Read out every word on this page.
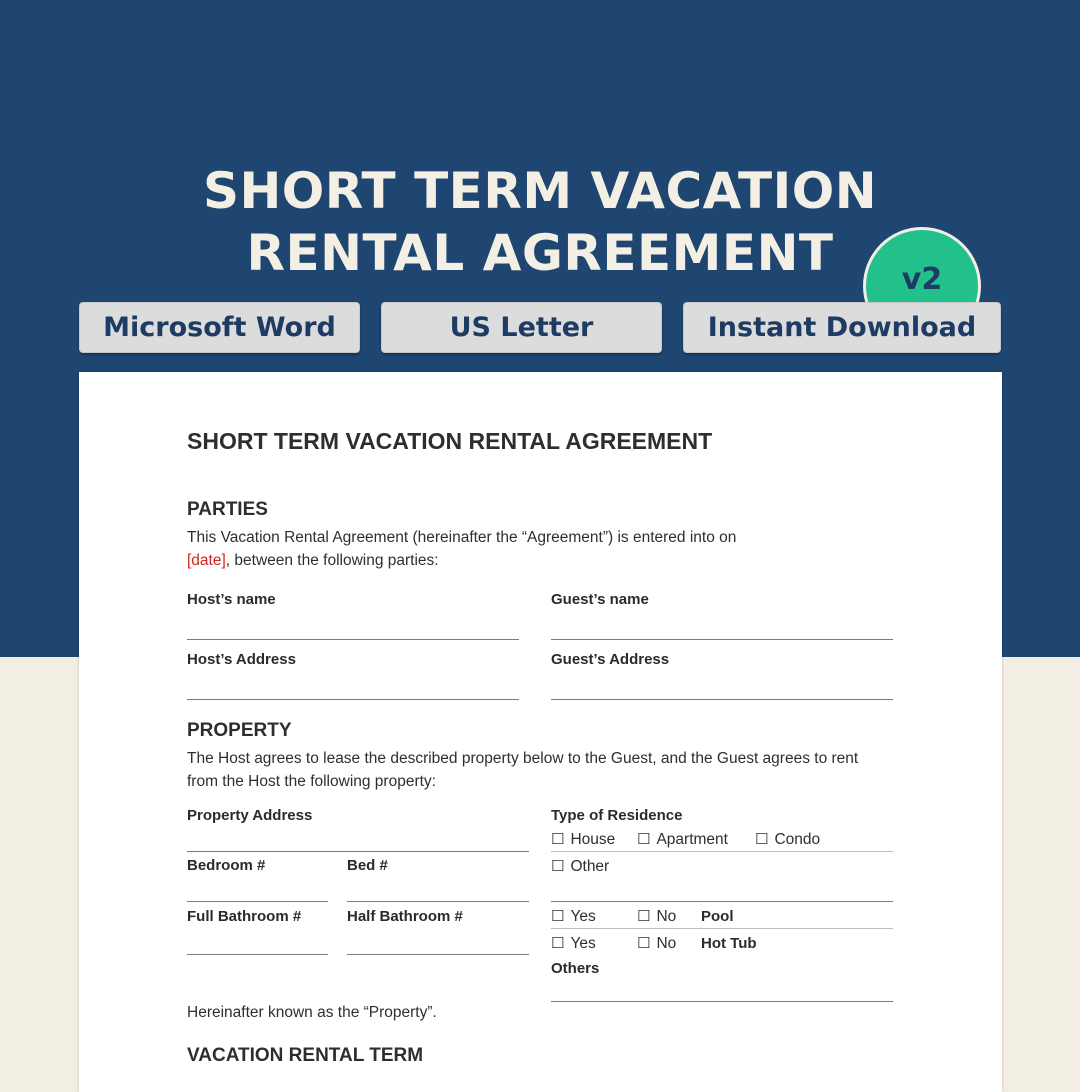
SHORT TERM VACATION
RENTAL AGREEMENT	v2
Microsoft Word	US Letter	Instant Download
SHORT TERM VACATION RENTAL AGREEMENT
PARTIES
This Vacation Rental Agreement (hereinafter the “Agreement”) is entered into on
[date], between the following parties:
Host’s name	Guest’s name
Host’s Address	Guest’s Address
PROPERTY
The Host agrees to lease the described property below to the Guest, and the Guest agrees to rent from the Host the following property:
Property Address
Bedroom #	Bed #
Full Bathroom #	Half Bathroom #
Type of Residence
☐ House ☐ Apartment ☐ Condo
☐ Other
☐ Yes	☐ No Pool
☐ Yes	☐ No Hot Tub
Others
Hereinafter known as the “Property”.
VACATION RENTAL TERM
